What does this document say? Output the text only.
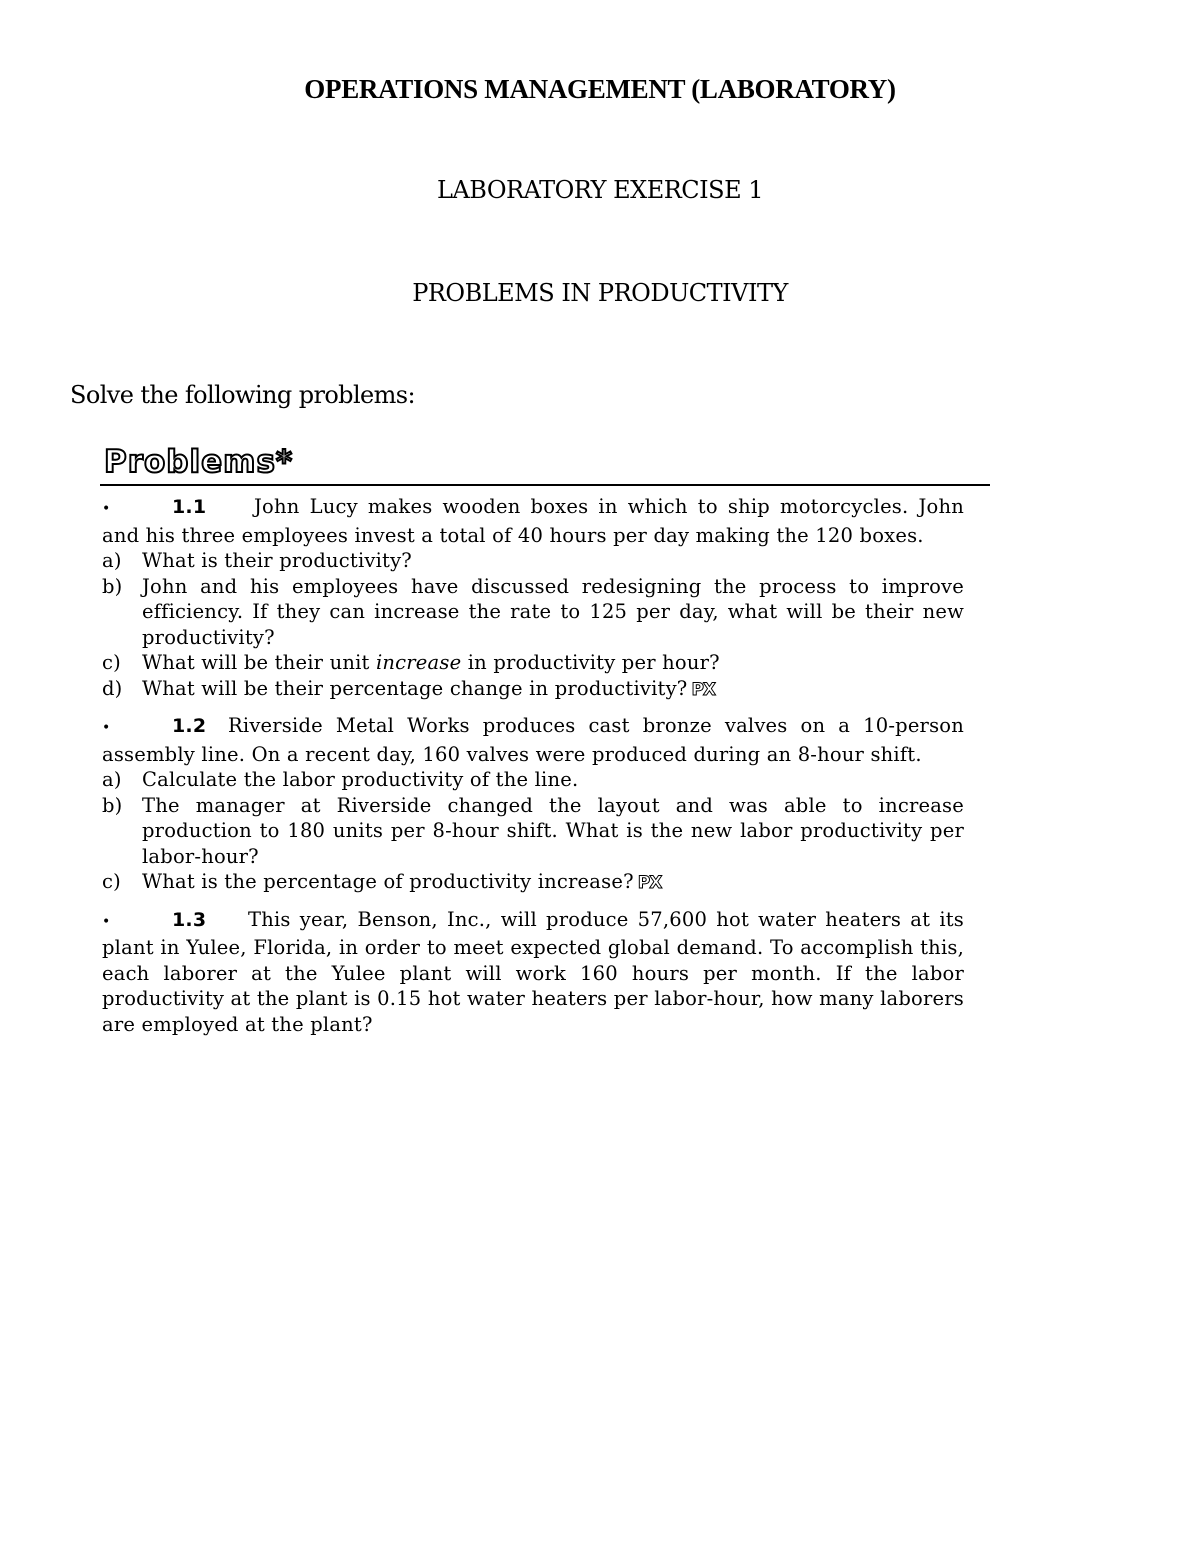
OPERATIONS MANAGEMENT (LABORATORY)
LABORATORY EXERCISE 1
PROBLEMS IN PRODUCTIVITY
Solve the following problems:
Problems*
•	1.1 John Lucy makes wooden boxes in which to ship motorcycles. John and his three employees invest a total of 40 hours per day making the 120 boxes.
a)	What is their productivity?
b)	John and his employees have discussed redesigning the process to improve efficiency. If they can increase the rate to 125 per day, what will be their new productivity?
c)	What will be their unit increase in productivity per hour?
d)	What will be their percentage change in productivity? PX
•	1.2 Riverside Metal Works produces cast bronze valves on a 10-person assembly line. On a recent day, 160 valves were produced during an 8-hour shift.
a)	Calculate the labor productivity of the line.
b)	The manager at Riverside changed the layout and was able to increase production to 180 units per 8-hour shift. What is the new labor productivity per labor-hour?
c)	What is the percentage of productivity increase? PX
•	1.3 This year, Benson, Inc., will produce 57,600 hot water heaters at its plant in Yulee, Florida, in order to meet expected global demand. To accomplish this, each laborer at the Yulee plant will work 160 hours per month. If the labor productivity at the plant is 0.15 hot water heaters per labor-hour, how many laborers are employed at the plant?
